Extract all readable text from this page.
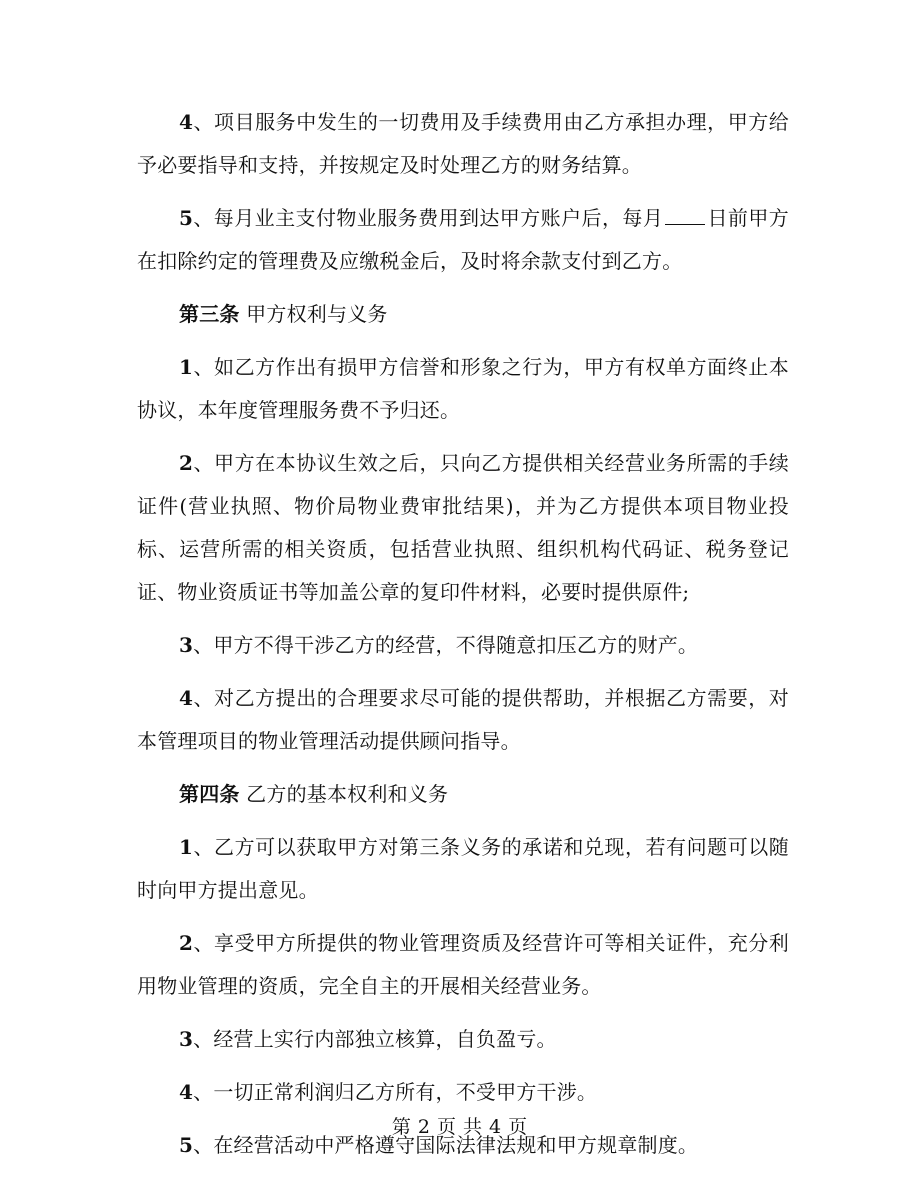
4、项目服务中发生的一切费用及手续费用由乙方承担办理，甲方给予必要指导和支持，并按规定及时处理乙方的财务结算。

5、每月业主支付物业服务费用到达甲方账户后，每月 日前甲方在扣除约定的管理费及应缴税金后，及时将余款支付到乙方。

第三条 甲方权利与义务

1、如乙方作出有损甲方信誉和形象之行为，甲方有权单方面终止本协议，本年度管理服务费不予归还。

2、甲方在本协议生效之后，只向乙方提供相关经营业务所需的手续证件(营业执照、物价局物业费审批结果)，并为乙方提供本项目物业投标、运营所需的相关资质，包括营业执照、组织机构代码证、税务登记证、物业资质证书等加盖公章的复印件材料，必要时提供原件;

3、甲方不得干涉乙方的经营，不得随意扣压乙方的财产。

4、对乙方提出的合理要求尽可能的提供帮助，并根据乙方需要，对本管理项目的物业管理活动提供顾问指导。

第四条 乙方的基本权利和义务

1、乙方可以获取甲方对第三条义务的承诺和兑现，若有问题可以随时向甲方提出意见。

2、享受甲方所提供的物业管理资质及经营许可等相关证件，充分利用物业管理的资质，完全自主的开展相关经营业务。

3、经营上实行内部独立核算，自负盈亏。

4、一切正常利润归乙方所有，不受甲方干涉。

5、在经营活动中严格遵守国际法律法规和甲方规章制度。

第 2 页 共 4 页
